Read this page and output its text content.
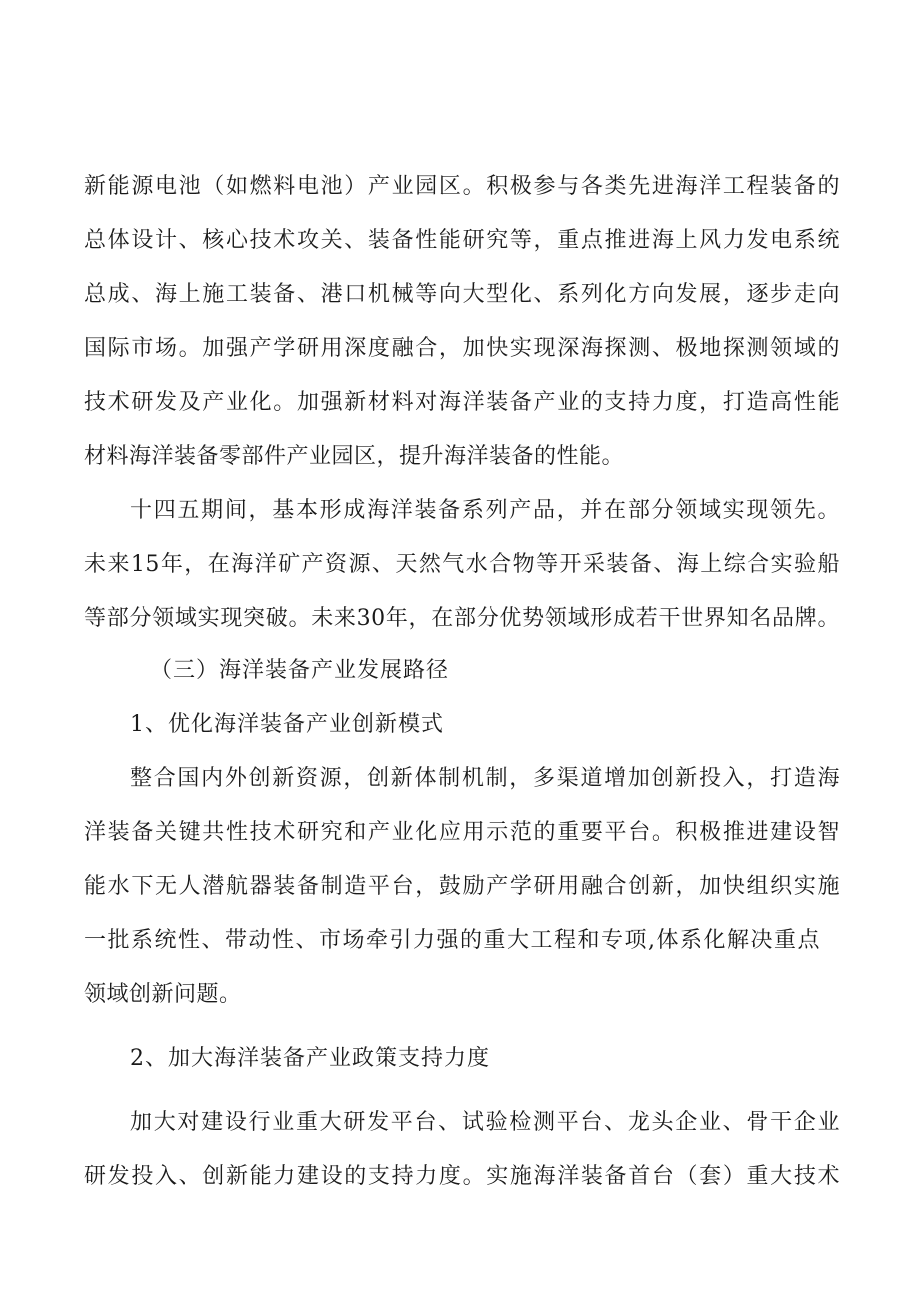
新能源电池（如燃料电池）产业园区。积极参与各类先进海洋工程装备的
总体设计、核心技术攻关、装备性能研究等，重点推进海上风力发电系统
总成、海上施工装备、港口机械等向大型化、系列化方向发展，逐步走向
国际市场。加强产学研用深度融合，加快实现深海探测、极地探测领域的
技术研发及产业化。加强新材料对海洋装备产业的支持力度，打造高性能
材料海洋装备零部件产业园区，提升海洋装备的性能。
十四五期间，基本形成海洋装备系列产品，并在部分领域实现领先。
未来15年，在海洋矿产资源、天然气水合物等开采装备、海上综合实验船
等部分领域实现突破。未来30年，在部分优势领域形成若干世界知名品牌。
（三）海洋装备产业发展路径
1、优化海洋装备产业创新模式
整合国内外创新资源，创新体制机制，多渠道增加创新投入，打造海
洋装备关键共性技术研究和产业化应用示范的重要平台。积极推进建设智
能水下无人潜航器装备制造平台，鼓励产学研用融合创新，加快组织实施
一批系统性、带动性、市场牵引力强的重大工程和专项,体系化解决重点
领域创新问题。
2、加大海洋装备产业政策支持力度
加大对建设行业重大研发平台、试验检测平台、龙头企业、骨干企业
研发投入、创新能力建设的支持力度。实施海洋装备首台（套）重大技术
